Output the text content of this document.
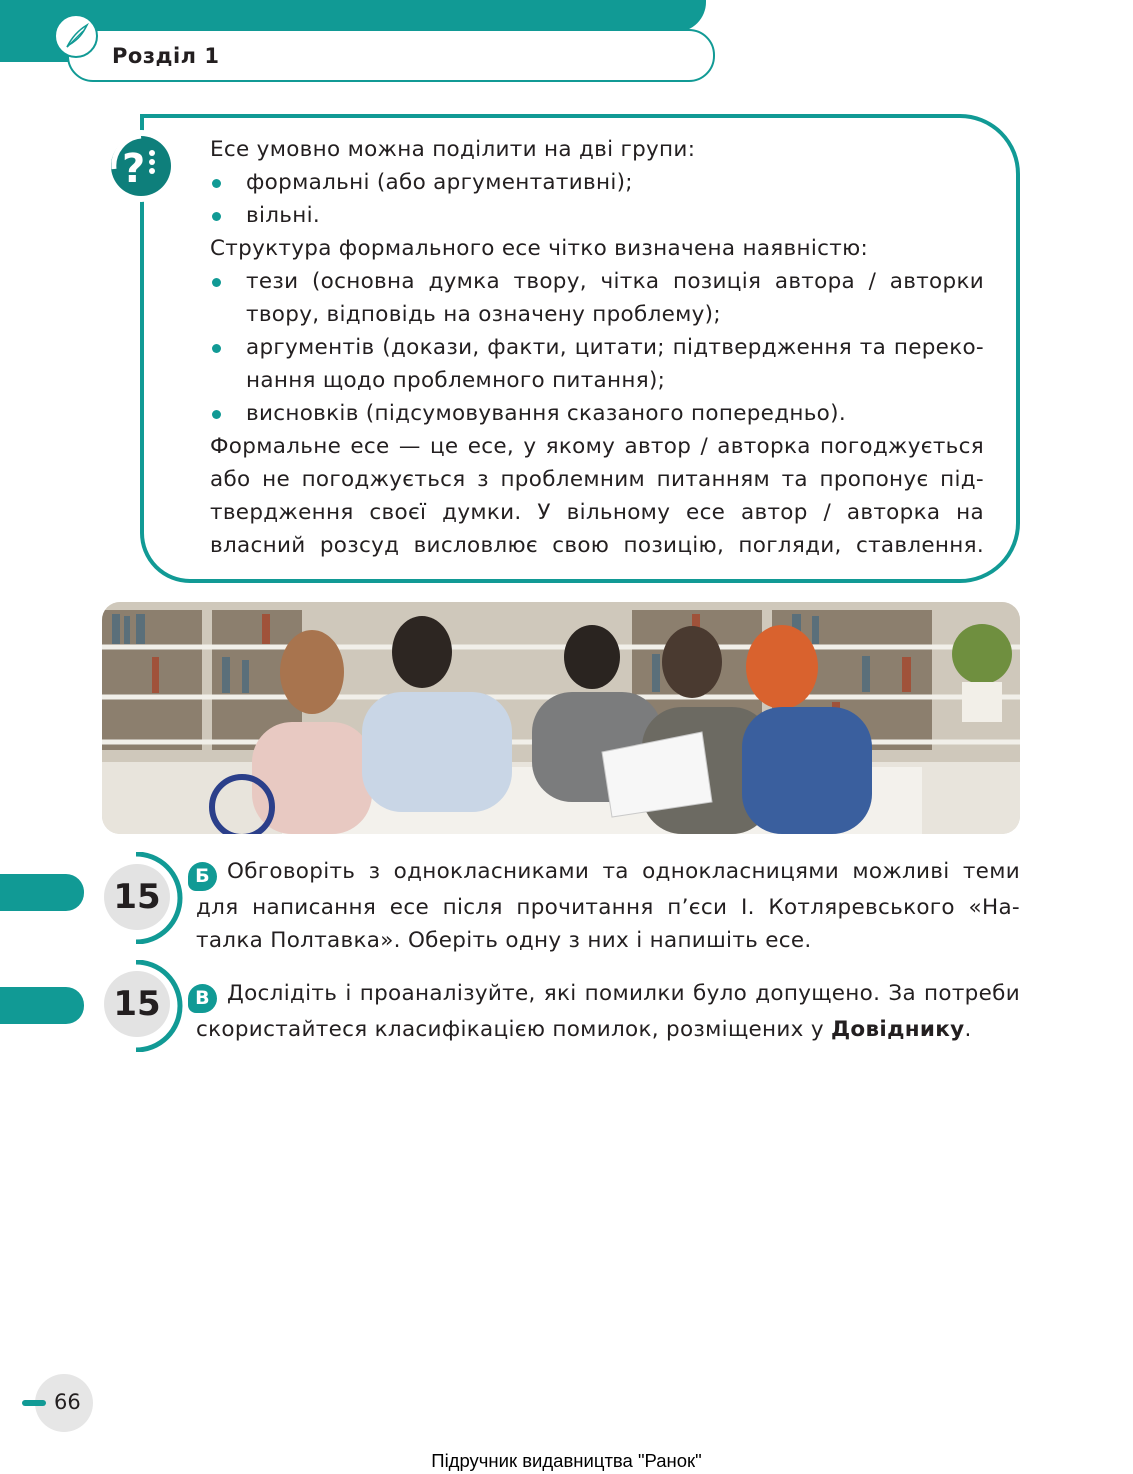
Розділ 1
?	Есе умовно можна поділити на дві групи:
формальні (або аргументативні);
вільні.
Структура формального есе чітко визначена наявністю:
тези (основна думка твору, чітка позиція автора / авторки
твору, відповідь на означену проблему);
аргументів (докази, факти, цитати; підтвердження та переко-
нання щодо проблемного питання);
висновків (підсумовування сказаного попередньо).
Формальне есе — це есе, у якому автор / авторка погоджується
або не погоджується з проблемним питанням та пропонує під-
твердження своєї думки. У вільному есе автор / авторка на
власний розсуд висловлює свою позицію, погляди, ставлення.
15
Б Обговоріть з однокласниками та однокласницями можливі теми
для написання есе після прочитання п’єси І. Котляревського «На-
талка Полтавка». Оберіть одну з них і напишіть есе.
15	В Дослідіть і проаналізуйте, які помилки було допущено. За потреби
скористайтеся класифікацією помилок, розміщених у Довіднику.
66
Підручник видавництва "Ранок"
